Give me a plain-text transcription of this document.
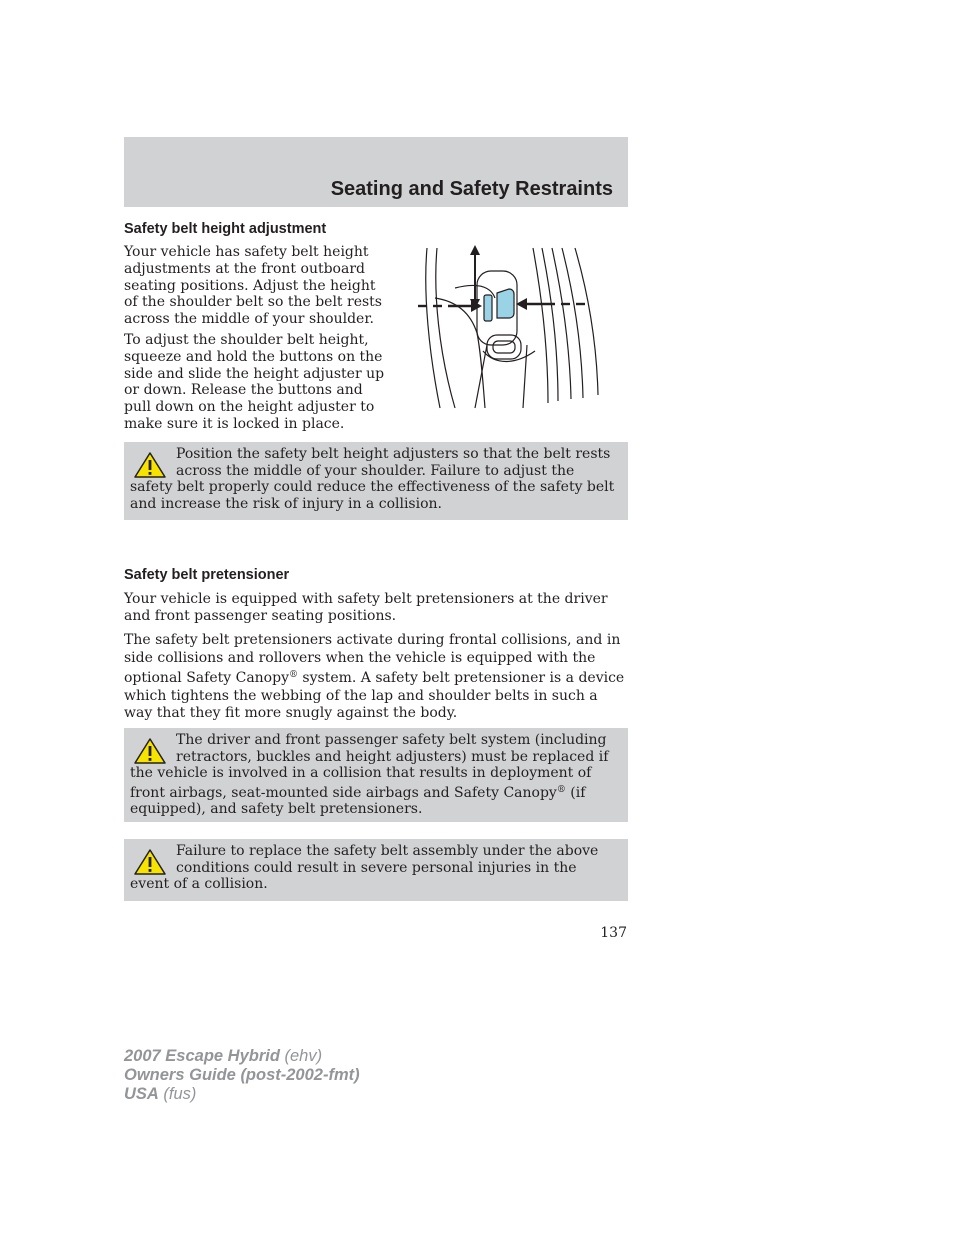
Seating and Safety Restraints
Safety belt height adjustment

Your vehicle has safety belt height adjustments at the front outboard seating positions. Adjust the height of the shoulder belt so the belt rests across the middle of your shoulder.

To adjust the shoulder belt height, squeeze and hold the buttons on the side and slide the height adjuster up or down. Release the buttons and pull down on the height adjuster to make sure it is locked in place.

Position the safety belt height adjusters so that the belt rests across the middle of your shoulder. Failure to adjust the safety belt properly could reduce the effectiveness of the safety belt and increase the risk of injury in a collision.

Safety belt pretensioner

Your vehicle is equipped with safety belt pretensioners at the driver and front passenger seating positions.

The safety belt pretensioners activate during frontal collisions, and in side collisions and rollovers when the vehicle is equipped with the optional Safety Canopy® system. A safety belt pretensioner is a device which tightens the webbing of the lap and shoulder belts in such a way that they fit more snugly against the body.

The driver and front passenger safety belt system (including retractors, buckles and height adjusters) must be replaced if the vehicle is involved in a collision that results in deployment of front airbags, seat-mounted side airbags and Safety Canopy® (if equipped), and safety belt pretensioners.

Failure to replace the safety belt assembly under the above conditions could result in severe personal injuries in the event of a collision.

137

2007 Escape Hybrid (ehv)
Owners Guide (post-2002-fmt)
USA (fus)
